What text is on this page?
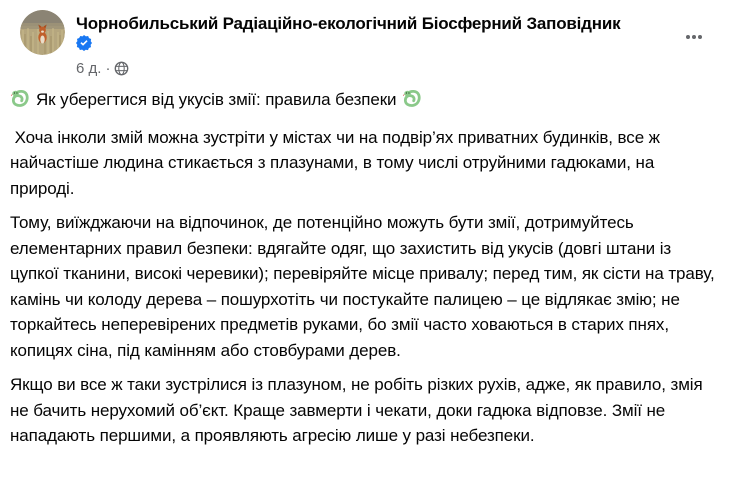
Чорнобильський Радіаційно-екологічний Біосферний Заповідник
6 д. ·

Як уберегтися від укусів змії: правила безпеки

Хоча інколи змій можна зустріти у містах чи на подвір’ях приватних будинків, все ж найчастіше людина стикається з плазунами, в тому числі отруйними гадюками, на природі.

Тому, виїжджаючи на відпочинок, де потенційно можуть бути змії, дотримуйтесь елементарних правил безпеки: вдягайте одяг, що захистить від укусів (довгі штани із цупкої тканини, високі черевики); перевіряйте місце привалу; перед тим, як сісти на траву, камінь чи колоду дерева – пошурхотіть чи постукайте палицею – це відлякає змію; не торкайтесь неперевірених предметів руками, бо змії часто ховаються в старих пнях, копицях сіна, під камінням або стовбурами дерев.

Якщо ви все ж таки зустрілися із плазуном, не робіть різких рухів, адже, як правило, змія не бачить нерухомий об’єкт. Краще завмерти і чекати, доки гадюка відповзе. Змії не нападають першими, а проявляють агресію лише у разі небезпеки.
